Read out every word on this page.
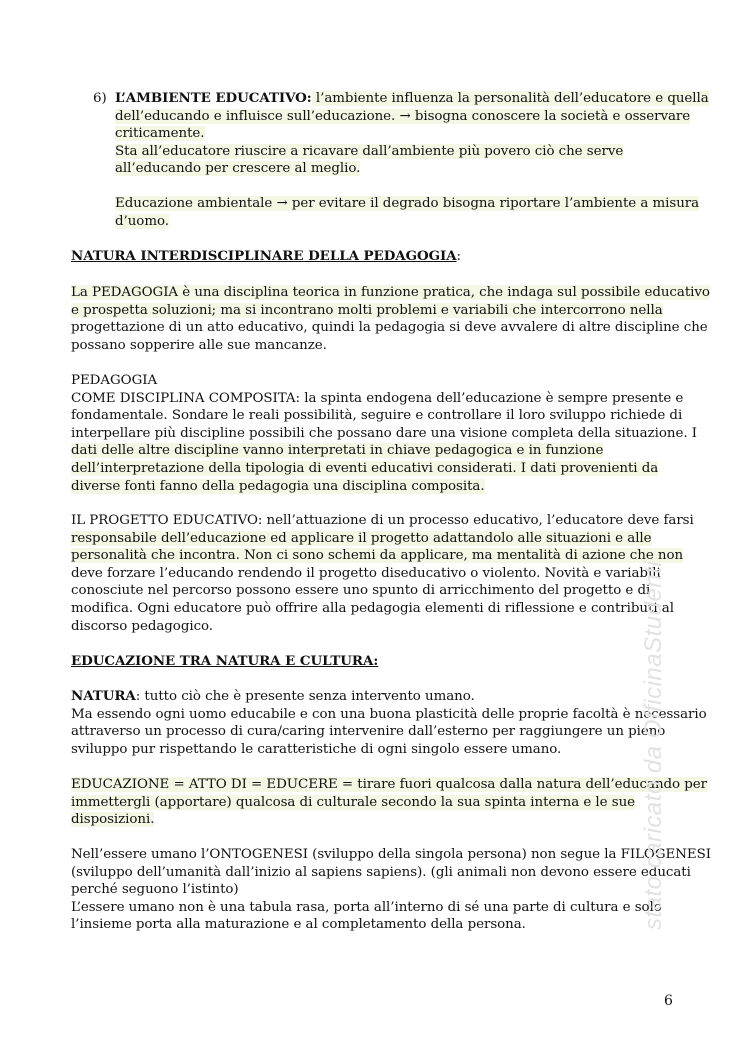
6) L’AMBIENTE EDUCATIVO: l’ambiente influenza la personalità dell’educatore e quella
dell’educando e influisce sull’educazione. → bisogna conoscere la società e osservare
criticamente.
Sta all’educatore riuscire a ricavare dall’ambiente più povero ciò che serve
all’educando per crescere al meglio.
Educazione ambientale → per evitare il degrado bisogna riportare l’ambiente a misura
d’uomo.
NATURA INTERDISCIPLINARE DELLA PEDAGOGIA:
La PEDAGOGIA è una disciplina teorica in funzione pratica, che indaga sul possibile educativo
e prospetta soluzioni; ma si incontrano molti problemi e variabili che intercorrono nella
progettazione di un atto educativo, quindi la pedagogia si deve avvalere di altre discipline che
possano sopperire alle sue mancanze.
PEDAGOGIA
COME DISCIPLINA COMPOSITA: la spinta endogena dell’educazione è sempre presente e
fondamentale. Sondare le reali possibilità, seguire e controllare il loro sviluppo richiede di
interpellare più discipline possibili che possano dare una visione completa della situazione. I
dati delle altre discipline vanno interpretati in chiave pedagogica e in funzione
dell’interpretazione della tipologia di eventi educativi considerati. I dati provenienti da
diverse fonti fanno della pedagogia una disciplina composita.
IL PROGETTO EDUCATIVO: nell’attuazione di un processo educativo, l’educatore deve farsi
responsabile dell’educazione ed applicare il progetto adattandolo alle situazioni e alle
personalità che incontra. Non ci sono schemi da applicare, ma mentalità di azione che non
deve forzare l’educando rendendo il progetto diseducativo o violento. Novità e variabili
conosciute nel percorso possono essere uno spunto di arricchimento del progetto e di
modifica. Ogni educatore può offrire alla pedagogia elementi di riflessione e contributi al
discorso pedagogico.
EDUCAZIONE TRA NATURA E CULTURA:
NATURA: tutto ciò che è presente senza intervento umano.
Ma essendo ogni uomo educabile e con una buona plasticità delle proprie facoltà è necessario
attraverso un processo di cura/caring intervenire dall’esterno per raggiungere un pieno
sviluppo pur rispettando le caratteristiche di ogni singolo essere umano.
EDUCAZIONE = ATTO DI = EDUCERE = tirare fuori qualcosa dalla natura dell’educando per
immettergli (apportare) qualcosa di culturale secondo la sua spinta interna e le sue
disposizioni.
Nell’essere umano l’ONTOGENESI (sviluppo della singola persona) non segue la FILOGENESI
(sviluppo dell’umanità dall’inizio al sapiens sapiens). (gli animali non devono essere educati
perché seguono l’istinto)
L’essere umano non è una tabula rasa, porta all’interno di sé una parte di cultura e solo
l’insieme porta alla maturazione e al completamento della persona.	stato caricato da OfficinaStudenti
6
